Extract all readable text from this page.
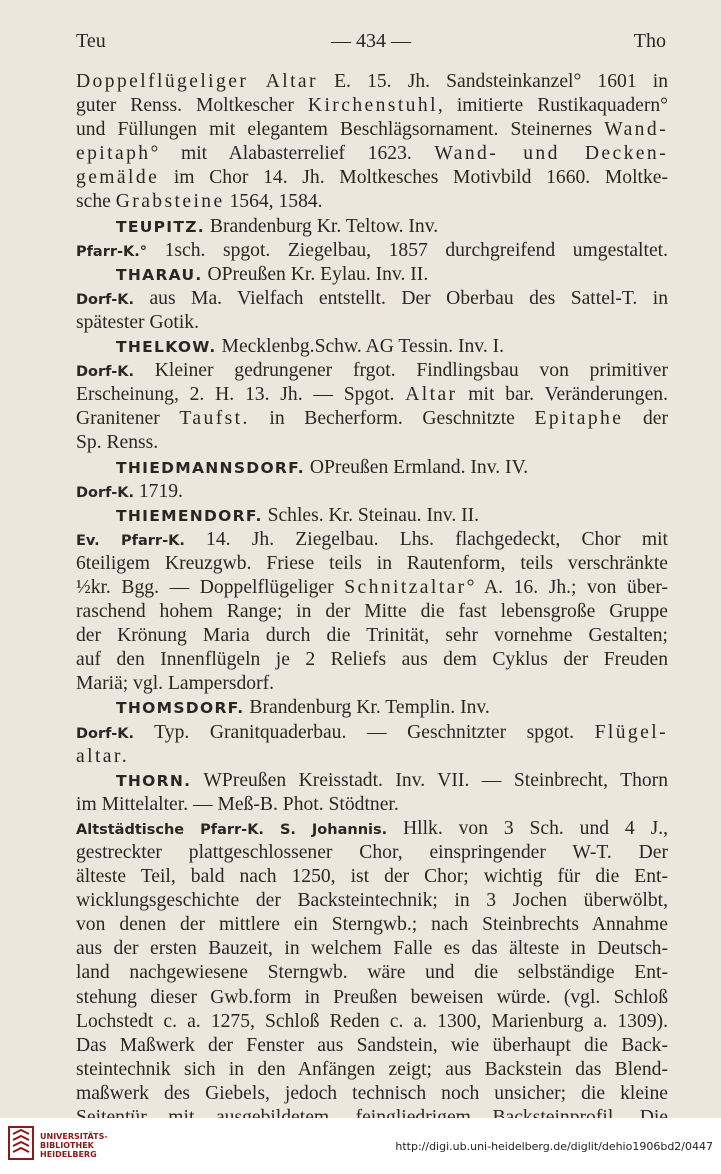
Teu	— 434 —	Tho
Doppelflügeliger Altar E. 15. Jh. Sandsteinkanzel° 1601 in
guter Renss. Moltkescher Kirchenstuhl, imitierte Rustikaquadern°
und Füllungen mit elegantem Beschlägsornament. Steinernes Wand-
epitaph° mit Alabasterrelief 1623. Wand- und Decken-
gemälde im Chor 14. Jh. Moltkesches Motivbild 1660. Moltke-
sche Grabsteine 1564, 1584.
TEUPITZ. Brandenburg Kr. Teltow. Inv.
Pfarr-K.° 1sch. spgot. Ziegelbau, 1857 durchgreifend umgestaltet.
THARAU. OPreußen Kr. Eylau. Inv. II.
Dorf-K. aus Ma. Vielfach entstellt. Der Oberbau des Sattel-T. in
spätester Gotik.
THELKOW. Mecklenbg.Schw. AG Tessin. Inv. I.
Dorf-K. Kleiner gedrungener frgot. Findlingsbau von primitiver
Erscheinung, 2. H. 13. Jh. — Spgot. Altar mit bar. Veränderungen.
Granitener Taufst. in Becherform. Geschnitzte Epitaphe der
Sp. Renss.
THIEDMANNSDORF. OPreußen Ermland. Inv. IV.
Dorf-K. 1719.
THIEMENDORF. Schles. Kr. Steinau. Inv. II.
Ev. Pfarr-K. 14. Jh. Ziegelbau. Lhs. flachgedeckt, Chor mit
6teiligem Kreuzgwb. Friese teils in Rautenform, teils verschränkte
½kr. Bgg. — Doppelflügeliger Schnitzaltar° A. 16. Jh.; von über-
raschend hohem Range; in der Mitte die fast lebensgroße Gruppe
der Krönung Maria durch die Trinität, sehr vornehme Gestalten;
auf den Innenflügeln je 2 Reliefs aus dem Cyklus der Freuden
Mariä; vgl. Lampersdorf.
THOMSDORF. Brandenburg Kr. Templin. Inv.
Dorf-K. Typ. Granitquaderbau. — Geschnitzter spgot. Flügel-
altar.
THORN. WPreußen Kreisstadt. Inv. VII. — Steinbrecht, Thorn
im Mittelalter. — Meß-B. Phot. Stödtner.
Altstädtische Pfarr-K. S. Johannis. Hllk. von 3 Sch. und 4 J.,
gestreckter plattgeschlossener Chor, einspringender W-T. Der
älteste Teil, bald nach 1250, ist der Chor; wichtig für die Ent-
wicklungsgeschichte der Backsteintechnik; in 3 Jochen überwölbt,
von denen der mittlere ein Sterngwb.; nach Steinbrechts Annahme
aus der ersten Bauzeit, in welchem Falle es das älteste in Deutsch-
land nachgewiesene Sterngwb. wäre und die selbständige Ent-
stehung dieser Gwb.form in Preußen beweisen würde. (vgl. Schloß
Lochstedt c. a. 1275, Schloß Reden c. a. 1300, Marienburg a. 1309).
Das Maßwerk der Fenster aus Sandstein, wie überhaupt die Back-
steintechnik sich in den Anfängen zeigt; aus Backstein das Blend-
maßwerk des Giebels, jedoch technisch noch unsicher; die kleine
UNIVERSITÄTS-
BIBLIOTHEK
HEIDELBERG
http://digi.ub.uni-heidelberg.de/diglit/dehio1906bd2/0447
